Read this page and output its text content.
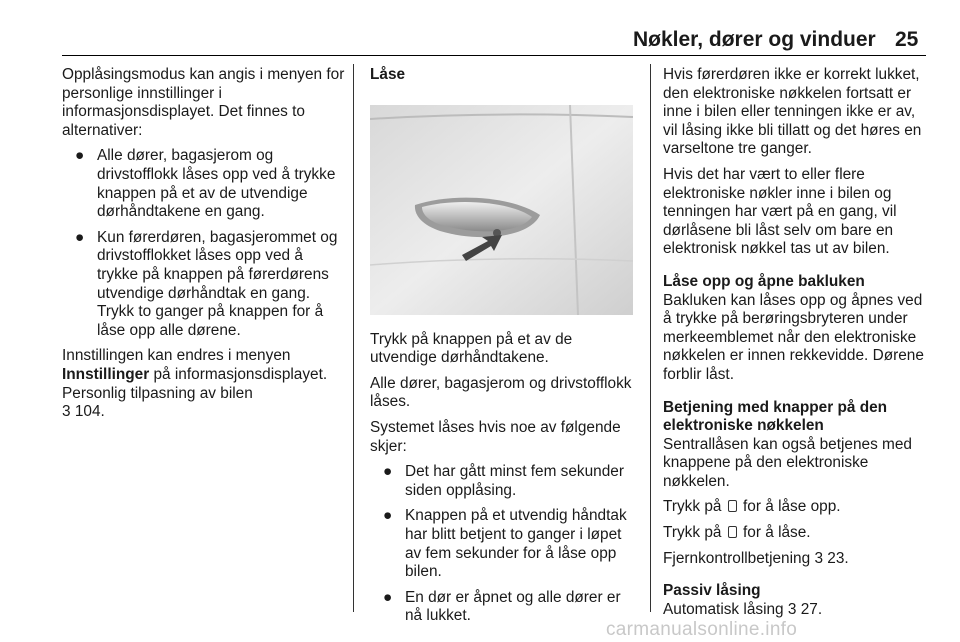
Nøkler, dører og vinduer 25

Opplåsingsmodus kan angis i menyen for personlige innstillinger i informasjonsdisplayet. Det finnes to alternativer:

● Alle dører, bagasjerom og drivstofflokk låses opp ved å trykke knappen på et av de utvendige dørhåndtakene en gang.
● Kun førerdøren, bagasjerommet og drivstofflokket låses opp ved å trykke på knappen på førerdørens utvendige dørhåndtak en gang. Trykk to ganger på knappen for å låse opp alle dørene.

Innstillingen kan endres i menyen Innstillinger på informasjonsdisplayet. Personlig tilpasning av bilen
3 104.

Låse

Trykk på knappen på et av de utvendige dørhåndtakene.

Alle dører, bagasjerom og drivstofflokk låses.

Systemet låses hvis noe av følgende skjer:

● Det har gått minst fem sekunder siden opplåsing.
● Knappen på et utvendig håndtak har blitt betjent to ganger i løpet av fem sekunder for å låse opp bilen.
● En dør er åpnet og alle dører er nå lukket.

Hvis førerdøren ikke er korrekt lukket, den elektroniske nøkkelen fortsatt er inne i bilen eller tenningen ikke er av, vil låsing ikke bli tillatt og det høres en varseltone tre ganger.

Hvis det har vært to eller flere elektroniske nøkler inne i bilen og tenningen har vært på en gang, vil dørlåsene bli låst selv om bare en elektronisk nøkkel tas ut av bilen.

Låse opp og åpne bakluken

Bakluken kan låses opp og åpnes ved å trykke på berøringsbryteren under merkeemblemet når den elektroniske nøkkelen er innen rekkevidde. Dørene forblir låst.

Betjening med knapper på den elektroniske nøkkelen

Sentrallåsen kan også betjenes med knappene på den elektroniske nøkkelen.

Trykk på for å låse opp.

Trykk på for å låse.

Fjernkontrollbetjening 3 23.

Passiv låsing

Automatisk låsing 3 27.

carmanualsonline.info
